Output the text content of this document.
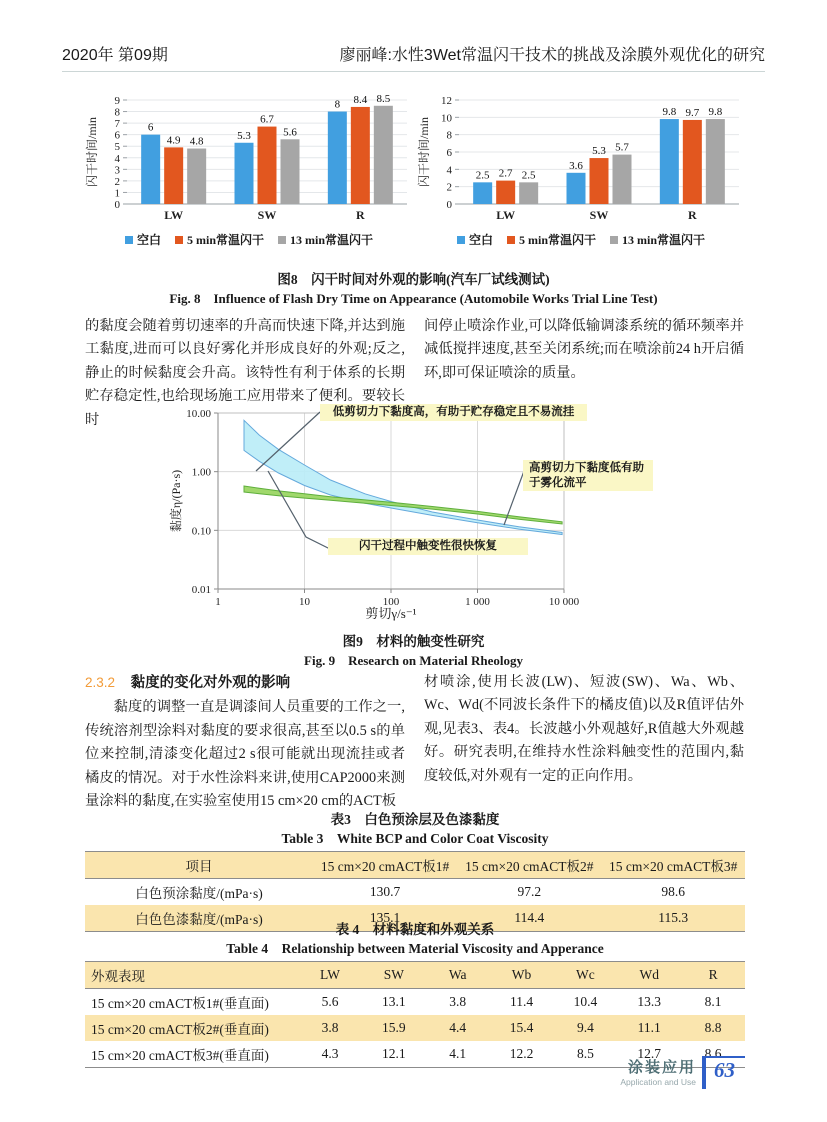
2020年 第09期	廖丽峰:水性3Wet常温闪干技术的挑战及涂膜外观优化的研究
0
1
2
3
4
5
6
7
8
9
闪干时间/min
LW
6
4.9 4.8
SW
5.3
6.7
5.6
R
8 8.4 8.5
空白 5 min常温闪干 13 min常温闪干
0
2
4
6
8
10
12
闪干时间/min
LW
2.5 2.7 2.5
SW
3.6
5.3 5.7
R
9.8 9.7 9.8
空白 5 min常温闪干 13 min常温闪干
图8　闪干时间对外观的影响(汽车厂试线测试)
Fig. 8　Influence of Flash Dry Time on Appearance (Automobile Works Trial Line Test)
的黏度会随着剪切速率的升高而快速下降,并达到施工黏度,进而可以良好雾化并形成良好的外观;反之,静止的时候黏度会升高。该特性有利于体系的长期贮存稳定性,也给现场施工应用带来了便利。要较长时
间停止喷涂作业,可以降低输调漆系统的循环频率并减低搅拌速度,甚至关闭系统;而在喷涂前24 h开启循环,即可保证喷涂的质量。
1	10	100	1 000	10 000
0.01
0.10
1.00
10.00
剪切γ/s⁻¹
黏度η/(Pa·s)
低剪切力下黏度高，有助于贮存稳定且不易流挂
高剪切力下黏度低有助于雾化流平
闪干过程中触变性很快恢复
图9　材料的触变性研究
Fig. 9　Research on Material Rheology
2.3.2 黏度的变化对外观的影响
黏度的调整一直是调漆间人员重要的工作之一,传统溶剂型涂料对黏度的要求很高,甚至以0.5 s的单位来控制,清漆变化超过2 s很可能就出现流挂或者橘皮的情况。对于水性涂料来讲,使用CAP2000来测量涂料的黏度,在实验室使用15 cm×20 cm的ACT板
材喷涂,使用长波(LW)、短波(SW)、Wa、Wb、Wc、Wd(不同波长条件下的橘皮值)以及R值评估外观,见表3、表4。长波越小外观越好,R值越大外观越好。研究表明,在维持水性涂料触变性的范围内,黏度较低,对外观有一定的正向作用。
表3　白色预涂层及色漆黏度
Table 3　White BCP and Color Coat Viscosity
项目	15 cm×20 cmACT板1#	15 cm×20 cmACT板2#	15 cm×20 cmACT板3#
白色预涂黏度/(mPa·s)	130.7	97.2	98.6
白色色漆黏度/(mPa·s)	135.1	114.4	115.3
表 4　材料黏度和外观关系
Table 4　Relationship between Material Viscosity and Apperance
外观表现	LW	SW	Wa	Wb	Wc	Wd	R
15 cm×20 cmACT板1#(垂直面)	5.6	13.1	3.8	11.4	10.4	13.3	8.1
15 cm×20 cmACT板2#(垂直面)	3.8	15.9	4.4	15.4	9.4	11.1	8.8
15 cm×20 cmACT板3#(垂直面)	4.3	12.1	4.1	12.2	8.5	12.7	8.6
涂装应用
Application and Use 63
